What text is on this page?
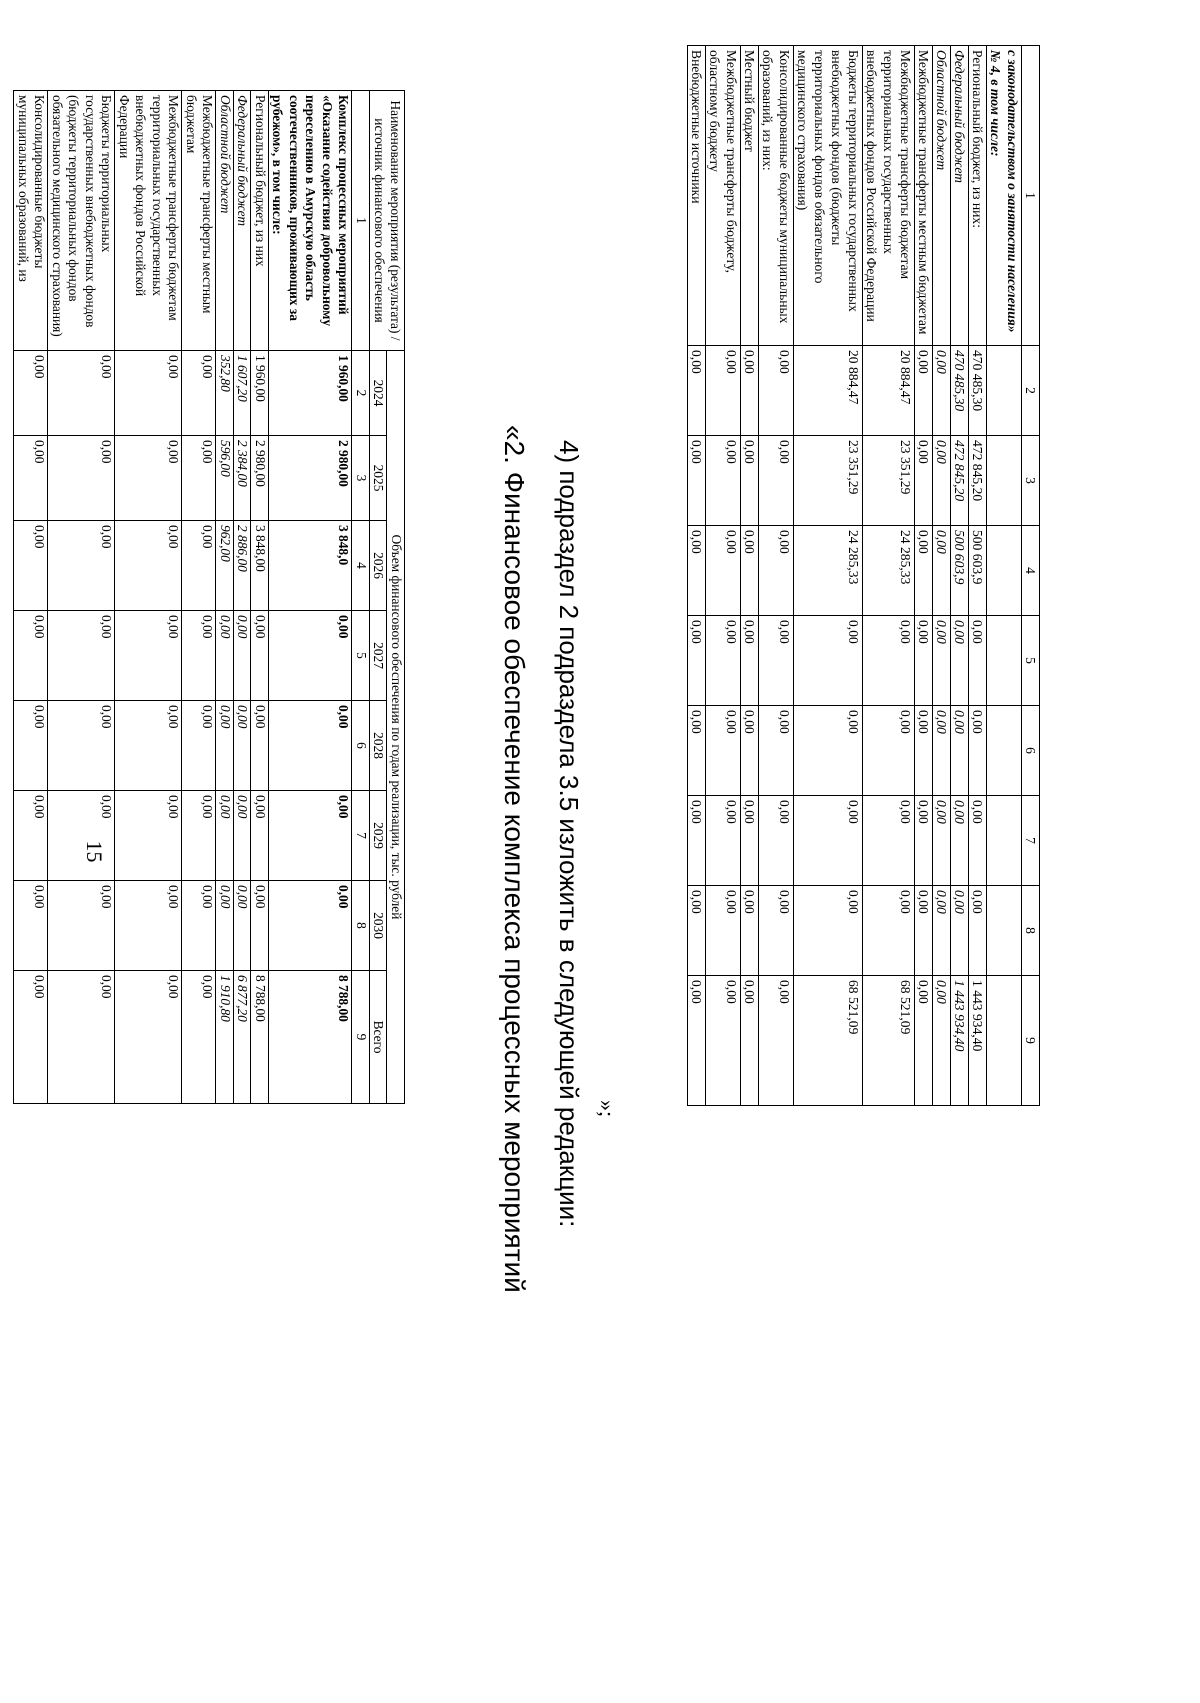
1	2	3	4	5	6	7	8	9
с законодательством о занятости населения» № 4, в том числе:								
Региональный бюджет, из них:	470 485,30	472 845,20	500 603,9	0,00	0,00	0,00	0,00	1 443 934,40
Федеральный бюджет	470 485,30	472 845,20	500 603,9	0,00	0,00	0,00	0,00	1 443 934,40
Областной бюджет	0,00	0,00	0,00	0,00	0,00	0,00	0,00	0,00
Межбюджетные трансферты местным бюджетам	0,00	0,00	0,00	0,00	0,00	0,00	0,00	0,00
Межбюджетные трансферты бюджетам территориальных государственных внебюджетных фондов Российской Федерации	20 884,47	23 351,29	24 285,33	0,00	0,00	0,00	0,00	68 521,09
Бюджеты территориальных государственных внебюджетных фондов (бюджеты территориальных фондов обязательного медицинского страхования)	20 884,47	23 351,29	24 285,33	0,00	0,00	0,00	0,00	68 521,09
Консолидированные бюджеты муниципальных образований, из них:	0,00	0,00	0,00	0,00	0,00	0,00	0,00	0,00
Местный бюджет	0,00	0,00	0,00	0,00	0,00	0,00	0,00	0,00
Межбюджетные трансферты бюджету, областному бюджету	0,00	0,00	0,00	0,00	0,00	0,00	0,00	0,00
Внебюджетные источники	0,00	0,00	0,00	0,00	0,00	0,00	0,00	0,00
»;
4) подраздел 2 подраздела 3.5 изложить в следующей редакции:
«2. Финансовое обеспечение комплекса процессных мероприятий
Наименование мероприятия (результата) / источник финансового обеспечения	Объем финансового обеспечения по годам реализации, тыс. рублей							
	2024	2025	2026	2027	2028	2029	2030	Всего
1	2	3	4	5	6	7	8	9
Комплекс процессных мероприятий «Оказание содействия добровольному переселению в Амурскую область соотечественников, проживающих за рубежом», в том числе:	1 960,00	2 980,00	3 848,0	0,00	0,00	0,00	0,00	8 788,00
Региональный бюджет, из них	1 960,00	2 980,00	3 848,00	0,00	0,00	0,00	0,00	8 788,00
Федеральный бюджет	1 607,20	2 384,00	2 886,00	0,00	0,00	0,00	0,00	6 877,20
Областной бюджет	352,80	596,00	962,00	0,00	0,00	0,00	0,00	1 910,80
Межбюджетные трансферты местным бюджетам	0,00	0,00	0,00	0,00	0,00	0,00	0,00	0,00
Межбюджетные трансферты бюджетам территориальных государственных внебюджетных фондов Российской Федерации	0,00	0,00	0,00	0,00	0,00	0,00	0,00	0,00
Бюджеты территориальных государственных внебюджетных фондов (бюджеты территориальных фондов обязательного медицинского страхования)	0,00	0,00	0,00	0,00	0,00	0,00	0,00	0,00
Консолидированные бюджеты муниципальных образований, из	0,00	0,00	0,00	0,00	0,00	0,00	0,00	0,00
15
